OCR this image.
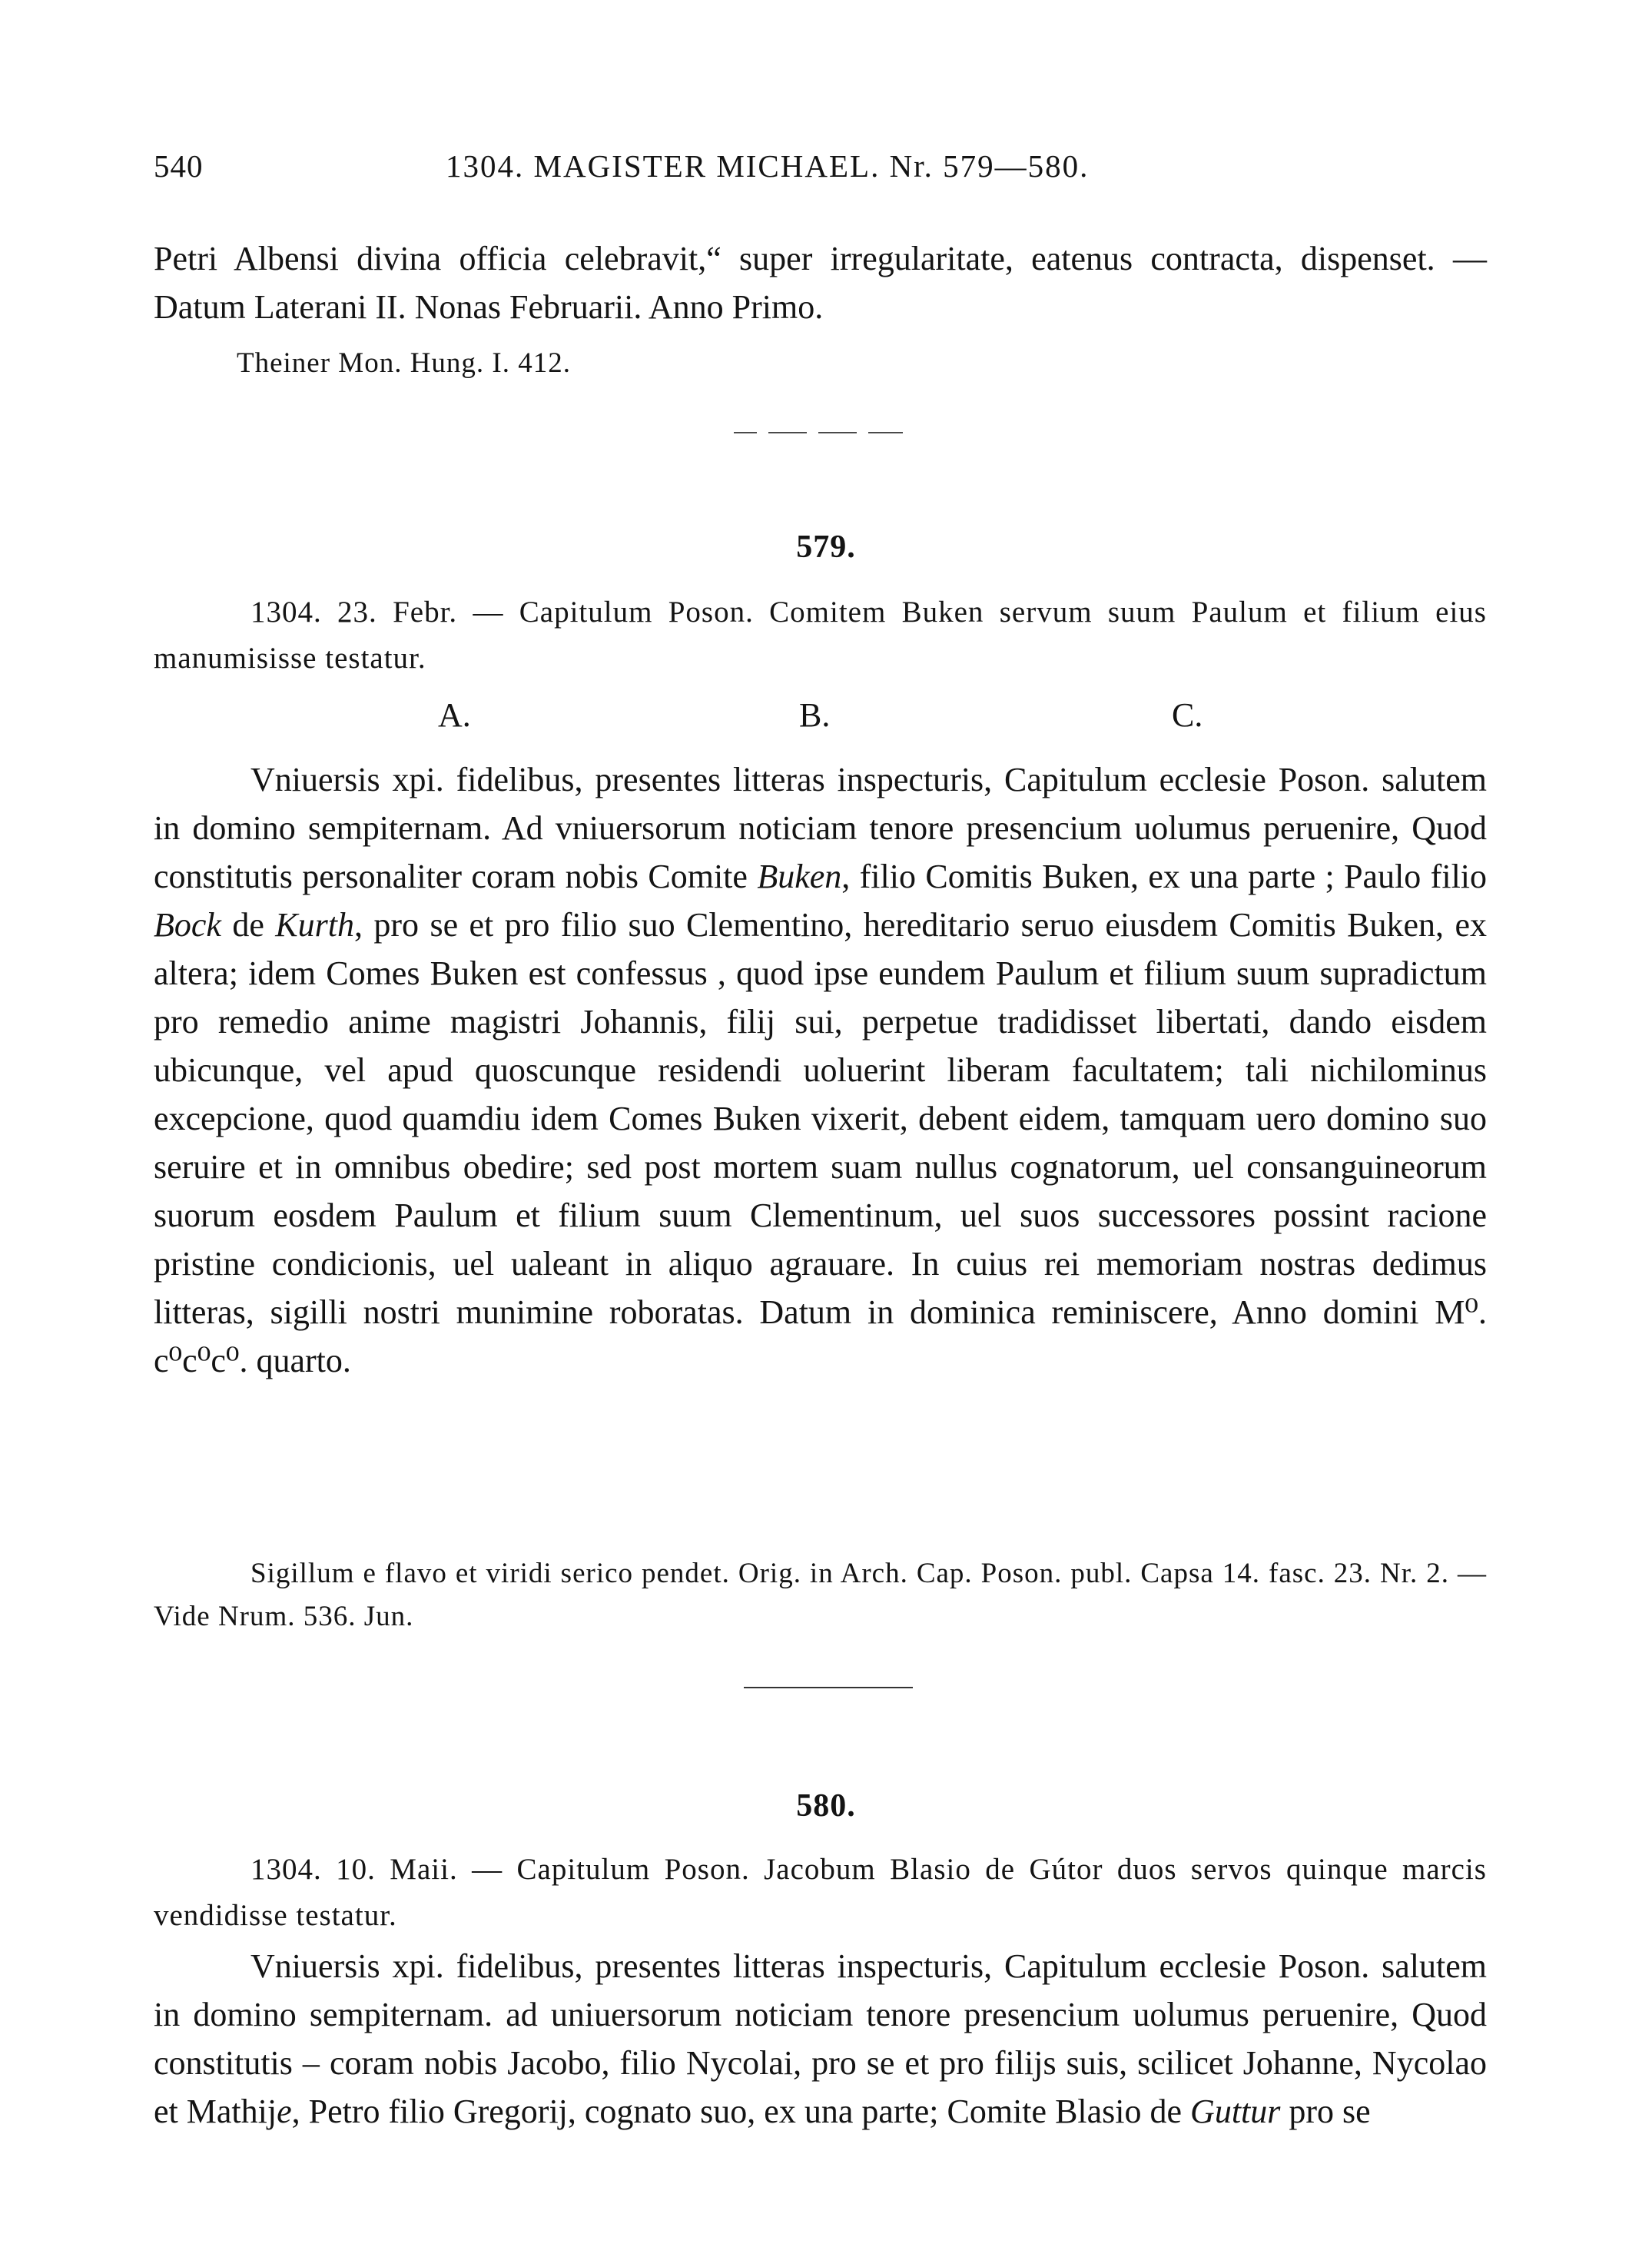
540	1304. MAGISTER MICHAEL. Nr. 579—580.

Petri Albensi divina officia celebravit,“ super irregularitate, eatenus contracta, dispenset. — Datum Laterani II. Nonas Februarii. Anno Primo.

Theiner Mon. Hung. I. 412.

579.

1304. 23. Febr. — Capitulum Poson. Comitem Buken servum suum Paulum et filium eius manumisisse testatur.

A.	B.	C.

Vniuersis xpi. fidelibus, presentes litteras inspecturis, Capitulum ecclesie Poson. salutem in domino sempiternam. Ad vniuersorum noticiam tenore presencium uolumus peruenire, Quod constitutis personaliter coram nobis Comite Buken, filio Comitis Buken, ex una parte ; Paulo filio Bock de Kurth, pro se et pro filio suo Clementino, hereditario seruo eiusdem Comitis Buken, ex altera; idem Comes Buken est confessus , quod ipse eundem Paulum et filium suum supradictum pro remedio anime magistri Johannis, filij sui, perpetue tradidisset libertati, dando eisdem ubicunque, vel apud quoscunque residendi uoluerint liberam facultatem; tali nichilominus excepcione, quod quamdiu idem Comes Buken vixerit, debent eidem, tamquam uero domino suo seruire et in omnibus obedire; sed post mortem suam nullus cognatorum, uel consanguineorum suorum eosdem Paulum et filium suum Clementinum, uel suos successores possint racione pristine condicionis, uel ualeant in aliquo agrauare. In cuius rei memoriam nostras dedimus litteras, sigilli nostri munimine roboratas. Datum in dominica reminiscere, Anno domini M⁰. c⁰c⁰c⁰. quarto.

Sigillum e flavo et viridi serico pendet. Orig. in Arch. Cap. Poson. publ. Capsa 14. fasc. 23. Nr. 2. — Vide Nrum. 536. Jun.

580.

1304. 10. Maii. — Capitulum Poson. Jacobum Blasio de Gútor duos servos quinque marcis vendidisse testatur.

Vniuersis xpi. fidelibus, presentes litteras inspecturis, Capitulum ecclesie Poson. salutem in domino sempiternam. ad uniuersorum noticiam tenore presencium uolumus peruenire, Quod constitutis – coram nobis Jacobo, filio Nycolai, pro se et pro filijs suis, scilicet Johanne, Nycolao et Mathije, Petro filio Gregorij, cognato suo, ex una parte; Comite Blasio de Guttur pro se
